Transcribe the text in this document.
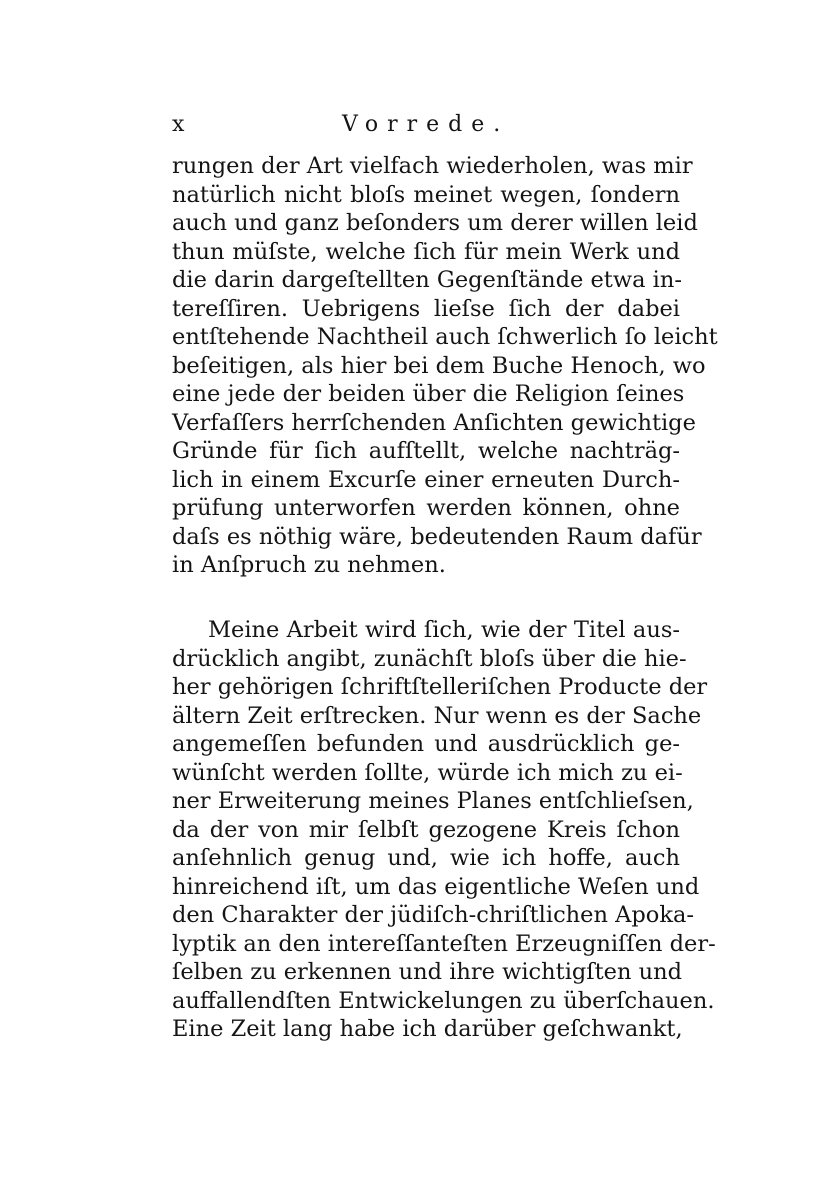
x	Vorrede.
rungen der Art vielfach wiederholen, was mir
natürlich nicht bloſs meinet wegen, ſondern
auch und ganz beſonders um derer willen leid
thun müſste, welche ſich für mein Werk und
die darin dargeſtellten Gegenſtände etwa in-
tereſſiren. Uebrigens lieſse ſich der dabei
entſtehende Nachtheil auch ſchwerlich ſo leicht
beſeitigen, als hier bei dem Buche Henoch, wo
eine jede der beiden über die Religion ſeines
Verfaſſers herrſchenden Anſichten gewichtige
Gründe für ſich aufſtellt, welche nachträg-
lich in einem Excurſe einer erneuten Durch-
prüfung unterworfen werden können, ohne
daſs es nöthig wäre, bedeutenden Raum dafür
in Anſpruch zu nehmen.
Meine Arbeit wird ſich, wie der Titel aus-
drücklich angibt, zunächſt bloſs über die hie-
her gehörigen ſchriftſtelleriſchen Producte der
ältern Zeit erſtrecken. Nur wenn es der Sache
angemeſſen befunden und ausdrücklich ge-
wünſcht werden ſollte, würde ich mich zu ei-
ner Erweiterung meines Planes entſchlieſsen,
da der von mir ſelbſt gezogene Kreis ſchon
anſehnlich genug und, wie ich hoffe, auch
hinreichend iſt, um das eigentliche Weſen und
den Charakter der jüdiſch-chriſtlichen Apoka-
lyptik an den intereſſanteſten Erzeugniſſen der-
ſelben zu erkennen und ihre wichtigſten und
auffallendſten Entwickelungen zu überſchauen.
Eine Zeit lang habe ich darüber geſchwankt,
